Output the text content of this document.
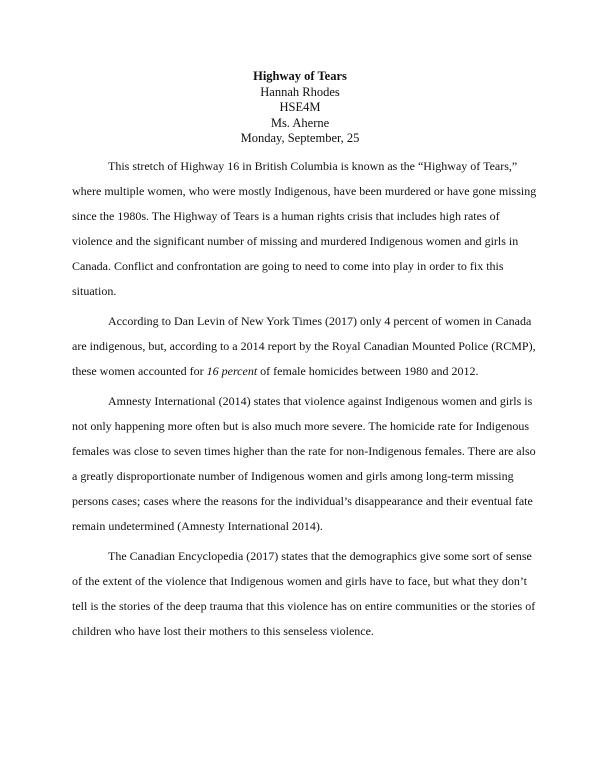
Highway of Tears
Hannah Rhodes
HSE4M
Ms. Aherne
Monday, September, 25
This stretch of Highway 16 in British Columbia is known as the “Highway of Tears,”
where multiple women, who were mostly Indigenous, have been murdered or have gone missing
since the 1980s. The Highway of Tears is a human rights crisis that includes high rates of
violence and the significant number of missing and murdered Indigenous women and girls in
Canada. Conflict and confrontation are going to need to come into play in order to fix this
situation.
According to Dan Levin of New York Times (2017) only 4 percent of women in Canada
are indigenous, but, according to a 2014 report by the Royal Canadian Mounted Police (RCMP),
these women accounted for 16 percent of female homicides between 1980 and 2012.
Amnesty International (2014) states that violence against Indigenous women and girls is
not only happening more often but is also much more severe. The homicide rate for Indigenous
females was close to seven times higher than the rate for non-Indigenous females. There are also
a greatly disproportionate number of Indigenous women and girls among long-term missing
persons cases; cases where the reasons for the individual’s disappearance and their eventual fate
remain undetermined (Amnesty International 2014).
The Canadian Encyclopedia (2017) states that the demographics give some sort of sense
of the extent of the violence that Indigenous women and girls have to face, but what they don’t
tell is the stories of the deep trauma that this violence has on entire communities or the stories of
children who have lost their mothers to this senseless violence.
